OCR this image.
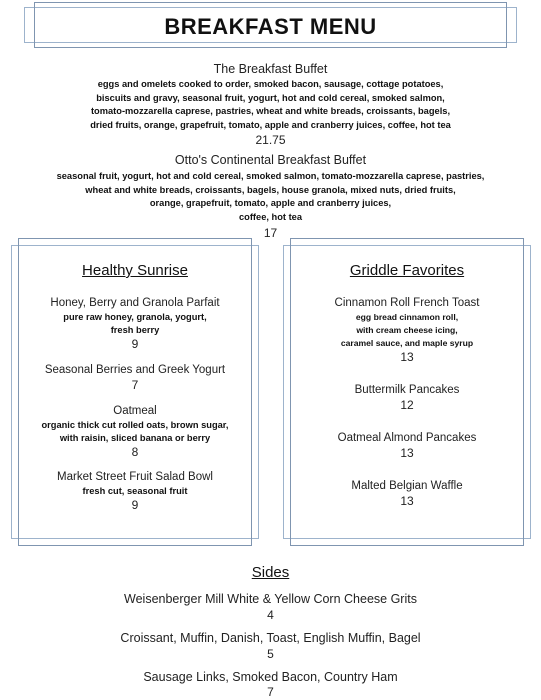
BREAKFAST MENU
The Breakfast Buffet
eggs and omelets cooked to order, smoked bacon, sausage, cottage potatoes,
biscuits and gravy, seasonal fruit, yogurt, hot and cold cereal, smoked salmon,
tomato-mozzarella caprese, pastries, wheat and white breads, croissants, bagels,
dried fruits, orange, grapefruit, tomato, apple and cranberry juices, coffee, hot tea
21.75
Otto's Continental Breakfast Buffet
seasonal fruit, yogurt, hot and cold cereal, smoked salmon, tomato-mozzarella caprese, pastries,
wheat and white breads, croissants, bagels, house granola, mixed nuts, dried fruits,
orange, grapefruit, tomato, apple and cranberry juices,
coffee, hot tea
17
Healthy Sunrise
Honey, Berry and Granola Parfait
pure raw honey, granola, yogurt,
fresh berry
9
Seasonal Berries and Greek Yogurt
7
Oatmeal
organic thick cut rolled oats, brown sugar,
with raisin, sliced banana or berry
8
Market Street Fruit Salad Bowl
fresh cut, seasonal fruit
9
Griddle Favorites
Cinnamon Roll French Toast
egg bread cinnamon roll,
with cream cheese icing,
caramel sauce, and maple syrup
13
Buttermilk Pancakes
12
Oatmeal Almond Pancakes
13
Malted Belgian Waffle
13
Sides
Weisenberger Mill White & Yellow Corn Cheese Grits
4
Croissant, Muffin, Danish, Toast, English Muffin, Bagel
5
Sausage Links, Smoked Bacon, Country Ham
7
